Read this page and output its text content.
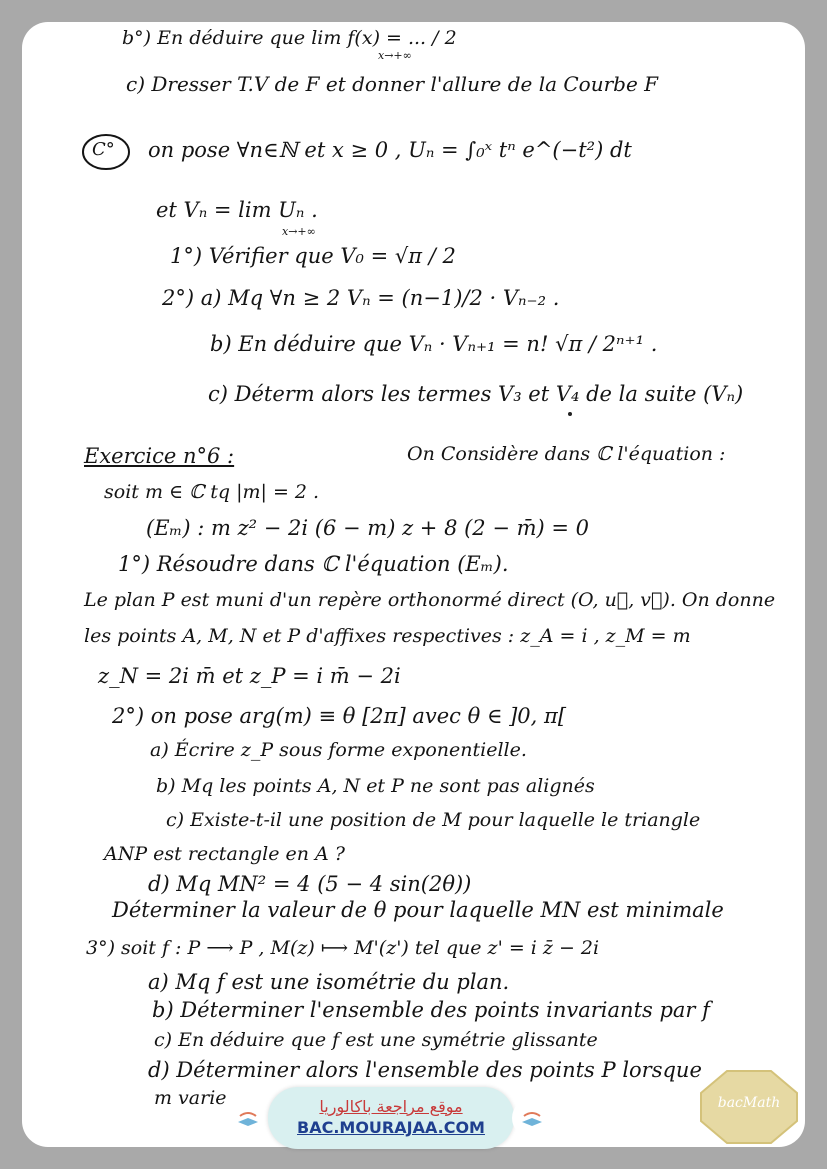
b°) En déduire que lim f(x) = ... / 2
x→+∞
c) Dresser T.V de F et donner l'allure de la Courbe F
C° on pose ∀n∈ℕ et x ≥ 0 , Uₙ = ∫₀ˣ tⁿ e^(−t²) dt
et Vₙ = lim Uₙ .
x→+∞
1°) Vérifier que V₀ = √π / 2
2°) a) Mq ∀n ≥ 2 Vₙ = (n−1)/2 · Vₙ₋₂ .
b) En déduire que Vₙ · Vₙ₊₁ = n! √π / 2ⁿ⁺¹ .
c) Déterm alors les termes V₃ et V₄ de la suite (Vₙ)
Exercice n°6 :	On Considère dans ℂ l'équation :
soit m ∈ ℂ tq |m| = 2 .
(Eₘ) : m z² − 2i (6 − m) z + 8 (2 − m̄) = 0
1°) Résoudre dans ℂ l'équation (Eₘ).
Le plan P est muni d'un repère orthonormé direct (O, u⃗, v⃗). On donne
les points A, M, N et P d'affixes respectives : z_A = i , z_M = m
z_N = 2i m̄ et z_P = i m̄ − 2i
2°) on pose arg(m) ≡ θ [2π] avec θ ∈ ]0, π[
a) Écrire z_P sous forme exponentielle.
b) Mq les points A, N et P ne sont pas alignés
c) Existe-t-il une position de M pour laquelle le triangle
ANP est rectangle en A ?
d) Mq MN² = 4 (5 − 4 sin(2θ))
Déterminer la valeur de θ pour laquelle MN est minimale
3°) soit f : P ⟶ P , M(z) ⟼ M'(z') tel que z' = i z̄ − 2i
a) Mq f est une isométrie du plan.
b) Déterminer l'ensemble des points invariants par f
c) En déduire que f est une symétrie glissante
d) Déterminer alors l'ensemble des points P lorsque
m varie	موقع مراجعة باكالوريا
BAC.MOURAJAA.COM
bacMath
